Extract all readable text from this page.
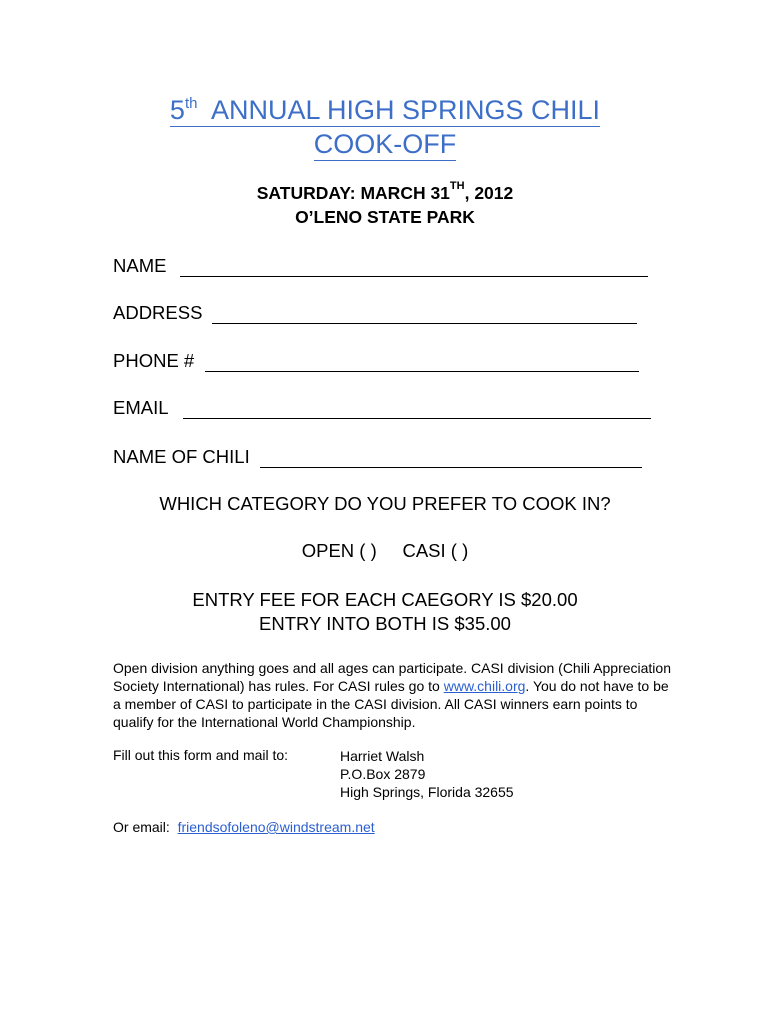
5th ANNUAL HIGH SPRINGS CHILI
COOK-OFF
SATURDAY: MARCH 31TH, 2012
O’LENO STATE PARK
NAME
ADDRESS
PHONE #
EMAIL
NAME OF CHILI
WHICH CATEGORY DO YOU PREFER TO COOK IN?
OPEN ( )     CASI ( )
ENTRY FEE FOR EACH CAEGORY IS $20.00
ENTRY INTO BOTH IS $35.00
Open division anything goes and all ages can participate. CASI division (Chili Appreciation Society International) has rules. For CASI rules go to www.chili.org. You do not have to be a member of CASI to participate in the CASI division. All CASI winners earn points to qualify for the International World Championship.
Fill out this form and mail to:	Harriet Walsh
P.O.Box 2879
High Springs, Florida 32655
Or email: friendsofoleno@windstream.net
